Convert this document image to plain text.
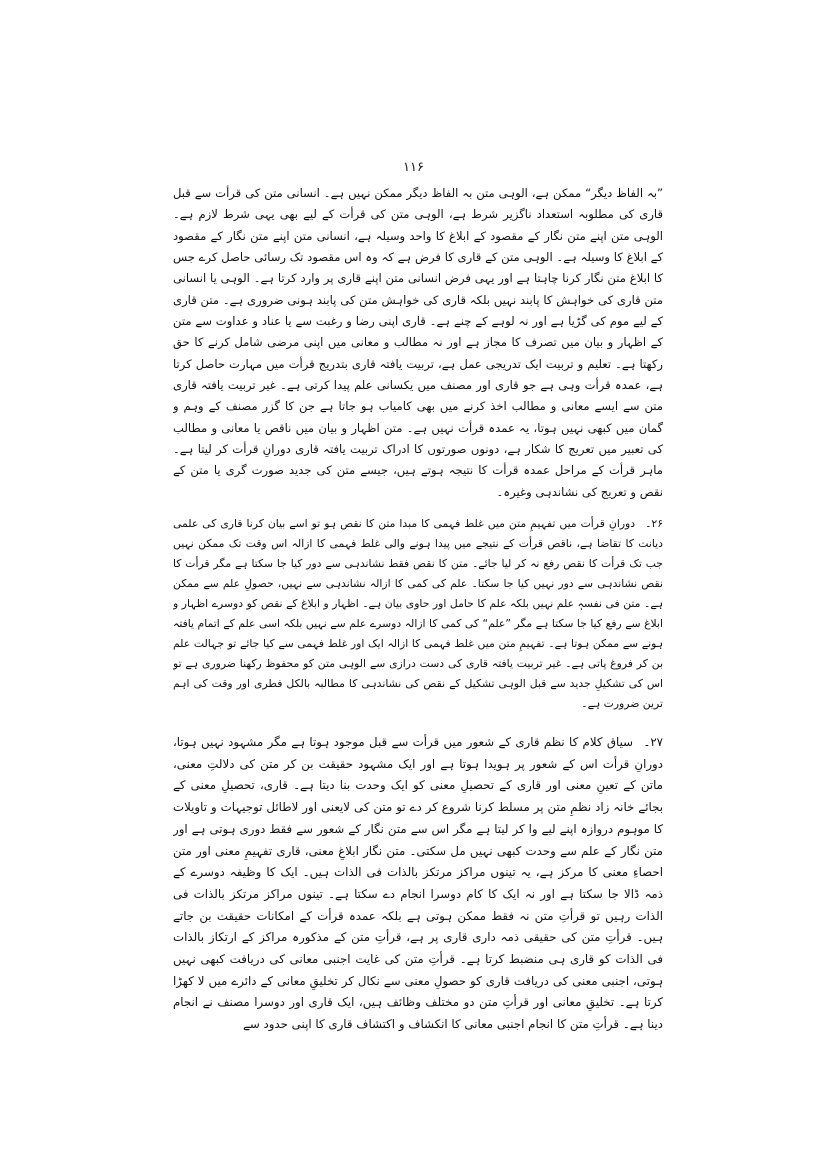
۱۱۶

”بہ الفاظ دیگر“ ممکن ہے، الوہی متن بہ الفاظ دیگر ممکن نہیں ہے۔ انسانی متن کی قرأت سے قبل قاری کی مطلوبہ استعداد ناگزیر شرط ہے، الوہی متن کی قرأت کے لیے بھی یہی شرط لازم ہے۔ الوہی متن اپنے متن نگار کے مقصود کے ابلاغ کا واحد وسیلہ ہے، انسانی متن اپنے متن نگار کے مقصود کے ابلاغ کا وسیلہ ہے۔ الوہی متن کے قاری کا فرض ہے کہ وہ اس مقصود تک رسائی حاصل کرے جس کا ابلاغ متن نگار کرنا چاہتا ہے اور یہی فرض انسانی متن اپنے قاری پر وارد کرتا ہے۔ الوہی یا انسانی متن قاری کی خواہش کا پابند نہیں بلکہ قاری کی خواہش متن کی پابند ہونی ضروری ہے۔ متن قاری کے لیے موم کی گڑیا ہے اور نہ لوہے کے چنے ہے۔ قاری اپنی رضا و رغبت سے یا عناد و عداوت سے متن کے اظہار و بیان میں تصرف کا مجاز ہے اور نہ مطالب و معانی میں اپنی مرضی شامل کرنے کا حق رکھتا ہے۔ تعلیم و تربیت ایک تدریجی عمل ہے، تربیت یافتہ قاری بتدریج قرأت میں مہارت حاصل کرتا ہے، عمدہ قرأت وہی ہے جو قاری اور مصنف میں یکسانی علم پیدا کرتی ہے۔ غیر تربیت یافتہ قاری متن سے ایسے معانی و مطالب اخذ کرنے میں بھی کامیاب ہو جاتا ہے جن کا گزر مصنف کے وہم و گمان میں کبھی نہیں ہوتا، یہ عمدہ قرأت نہیں ہے۔ متن اظہار و بیان میں ناقص یا معانی و مطالب کی تعبیر میں تعریج کا شکار ہے، دونوں صورتوں کا ادراک تربیت یافتہ قاری دورانِ قرأت کر لیتا ہے۔ ماہر قرأت کے مراحل عمدہ قرأت کا نتیجہ ہوتے ہیں، جیسے متن کی جدید صورت گری یا متن کے نقص و تعریج کی نشاندہی وغیرہ۔

۲۶۔ دورانِ قرأت میں تفہیمِ متن میں غلط فہمی کا مبدا متن کا نقص ہو تو اسے بیان کرنا قاری کی علمی دیانت کا تقاضا ہے، ناقص قرأت کے نتیجے میں پیدا ہونے والی غلط فہمی کا ازالہ اس وقت تک ممکن نہیں جب تک قرأت کا نقص رفع نہ کر لیا جائے۔ متن کا نقص فقط نشاندہی سے دور کیا جا سکتا ہے مگر قرأت کا نقص نشاندہی سے دور نہیں کیا جا سکتا۔ علم کی کمی کا ازالہ نشاندہی سے نہیں، حصولِ علم سے ممکن ہے۔ متن فی نفسہٖ علم نہیں بلکہ علم کا حامل اور حاوی بیان ہے۔ اظہار و ابلاغ کے نقص کو دوسرے اظہار و ابلاغ سے رفع کیا جا سکتا ہے مگر ”علم“ کی کمی کا ازالہ دوسرے علم سے نہیں بلکہ اسی علم کے اتمام یافتہ ہونے سے ممکن ہوتا ہے۔ تفہیمِ متن میں غلط فہمی کا ازالہ ایک اور غلط فہمی سے کیا جائے تو جہالت علم بن کر فروغ پاتی ہے۔ غیر تربیت یافتہ قاری کی دست درازی سے الوہی متن کو محفوظ رکھنا ضروری ہے تو اس کی تشکیلِ جدید سے قبل الوہی تشکیل کے نقص کی نشاندہی کا مطالبہ بالکل فطری اور وقت کی اہم ترین ضرورت ہے۔

۲۷۔ سیاق کلام کا نظم قاری کے شعور میں قرأت سے قبل موجود ہوتا ہے مگر مشہود نہیں ہوتا، دورانِ قرأت اس کے شعور پر ہویدا ہوتا ہے اور ایک مشہود حقیقت بن کر متن کی دلالتِ معنی، ماتن کے تعینِ معنی اور قاری کے تحصیلِ معنی کو ایک وحدت بنا دیتا ہے۔ قاری، تحصیلِ معنی کے بجائے خانہ زاد نظمِ متن پر مسلط کرنا شروع کر دے تو متن کی لایعنی اور لاطائل توجیہات و تاویلات کا موہوم دروازہ اپنے لیے وا کر لیتا ہے مگر اس سے متن نگار کے شعور سے فقط دوری ہوتی ہے اور متن نگار کے علم سے وحدت کبھی نہیں مل سکتی۔ متن نگار ابلاغِ معنی، قاری تفہیمِ معنی اور متن احصاءِ معنی کا مرکز ہے، یہ تینوں مراکز مرتکز بالذات فی الذات ہیں۔ ایک کا وظیفہ دوسرے کے ذمہ ڈالا جا سکتا ہے اور نہ ایک کا کام دوسرا انجام دے سکتا ہے۔ تینوں مراکز مرتکز بالذات فی الذات رہیں تو قرأتِ متن نہ فقط ممکن ہوتی ہے بلکہ عمدہ قرأت کے امکانات حقیقت بن جاتے ہیں۔ قرأتِ متن کی حقیقی ذمہ داری قاری پر ہے، قرأتِ متن کے مذکورہ مراکز کے ارتکاز بالذات فی الذات کو قاری ہی منضبط کرتا ہے۔ قرأتِ متن کی غایت اجنبی معانی کی دریافت کبھی نہیں ہوتی، اجنبی معنی کی دریافت قاری کو حصولِ معنی سے نکال کر تخلیقِ معانی کے دائرے میں لا کھڑا کرتا ہے۔ تخلیقِ معانی اور قرأتِ متن دو مختلف وظائف ہیں، ایک قاری اور دوسرا مصنف نے انجام دینا ہے۔ قرأتِ متن کا انجام اجنبی معانی کا انکشاف و اکتشاف قاری کا اپنی حدود سے
